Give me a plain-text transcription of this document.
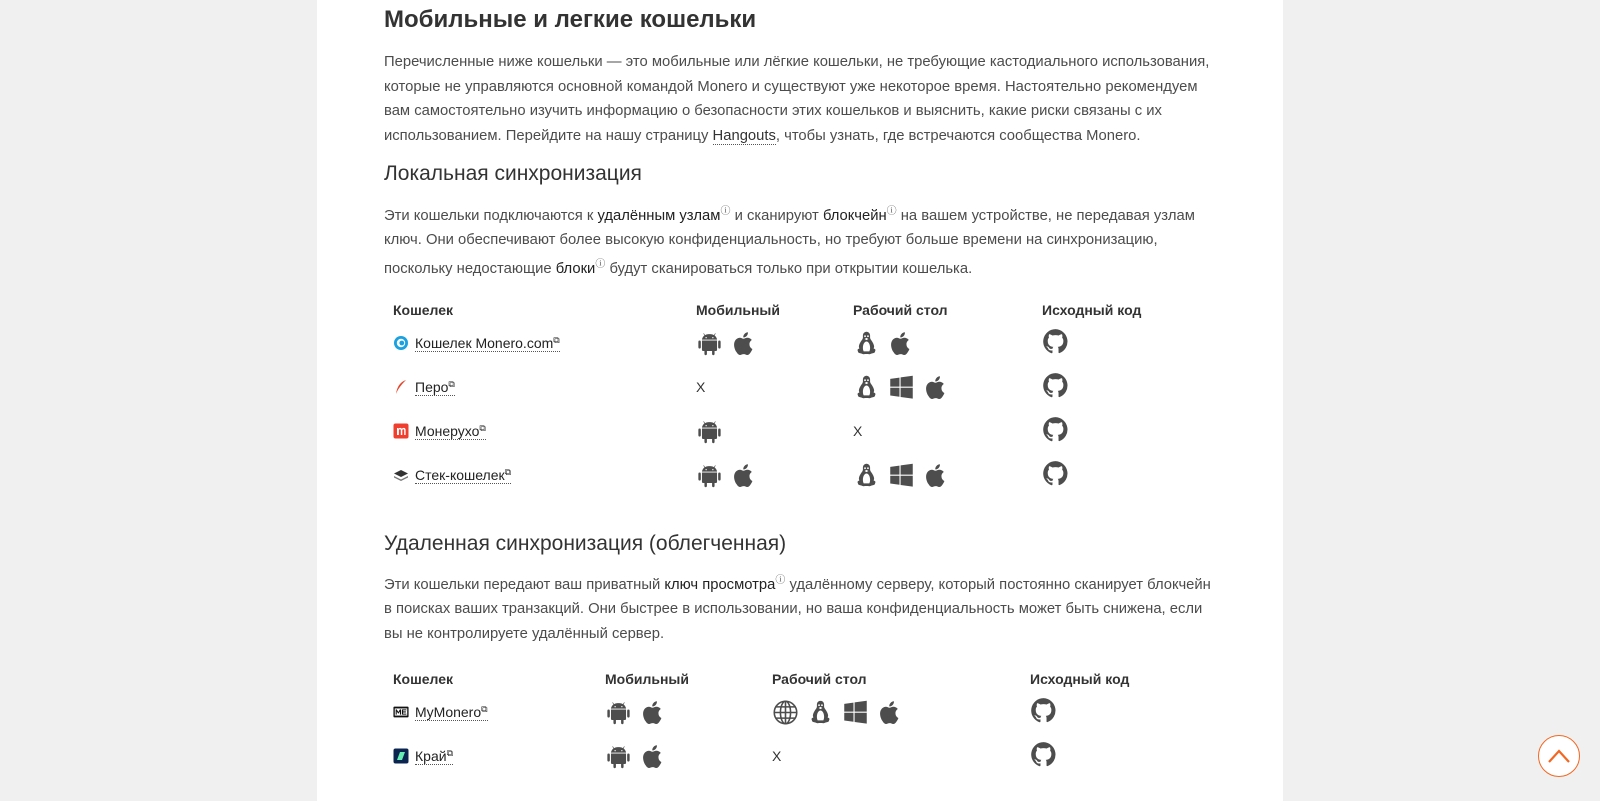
Мобильные и легкие кошельки

Перечисленные ниже кошельки — это мобильные или лёгкие кошельки, не требующие кастодиального использования, которые не управляются основной командой Monero и существуют уже некоторое время. Настоятельно рекомендуем вам самостоятельно изучить информацию о безопасности этих кошельков и выяснить, какие риски связаны с их использованием. Перейдите на нашу страницу Hangouts, чтобы узнать, где встречаются сообщества Monero.

Локальная синхронизация

Эти кошельки подключаются к удалённым узламⓘ и сканируют блокчейнⓘ на вашем устройстве, не передавая узлам ключ. Они обеспечивают более высокую конфиденциальность, но требуют больше времени на синхронизацию, поскольку недостающие блокиⓘ будут сканироваться только при открытии кошелька.

Кошелек	Мобильный	Рабочий стол	Исходный код

Кошелек Monero.com⧉

Перо⧉	X	

Монерухо⧉		X	

Стек-кошелек⧉

Удаленная синхронизация (облегченная)

Эти кошельки передают ваш приватный ключ просмотраⓘ удалённому серверу, который постоянно сканирует блокчейн в поисках ваших транзакций. Они быстрее в использовании, но ваша конфиденциальность может быть снижена, если вы не контролируете удалённый сервер.

Кошелек	Мобильный	Рабочий стол	Исходный код

MyMonero⧉

Край⧉		X	
